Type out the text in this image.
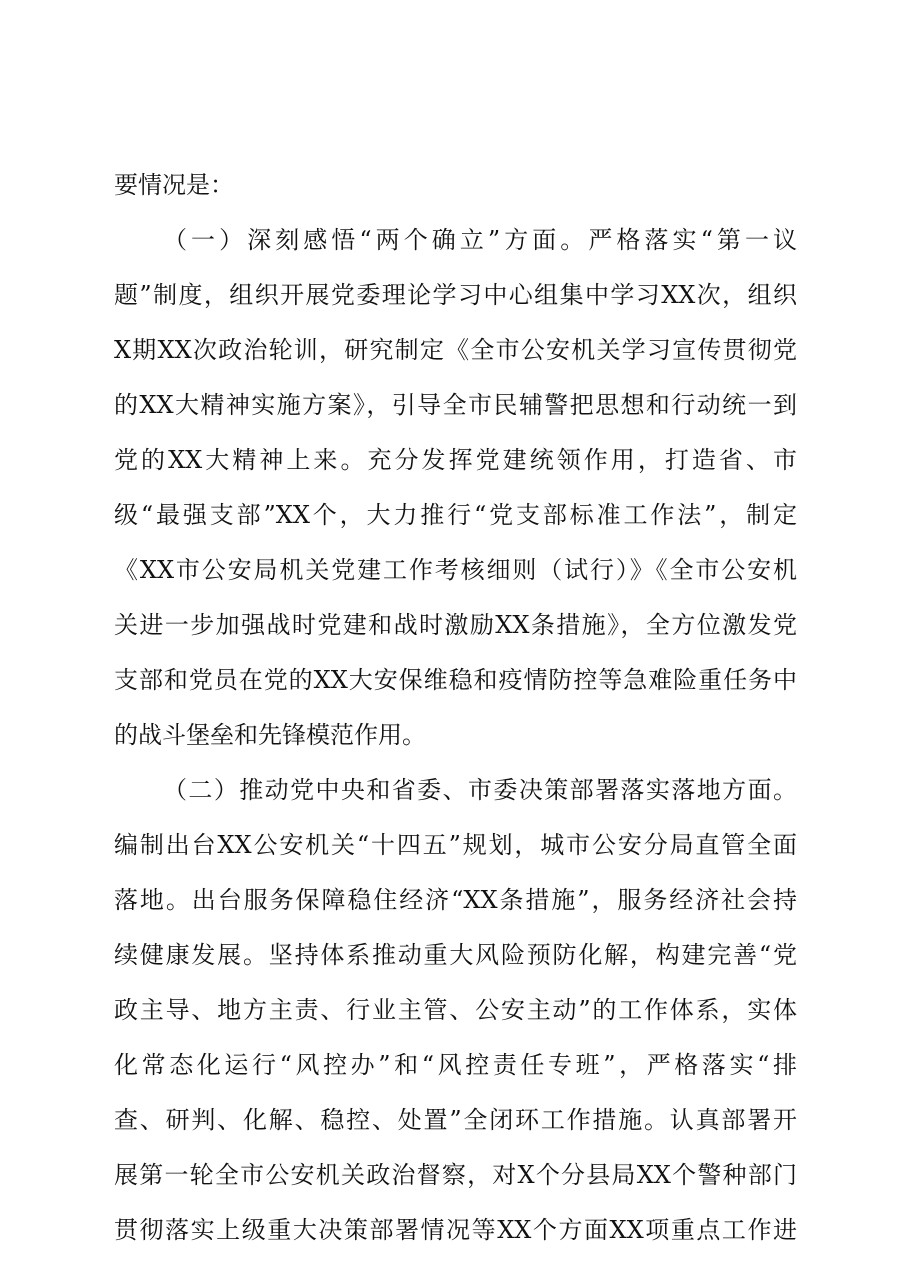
要情况是：
（一）深刻感悟“两个确立”方面。严格落实“第一议
题”制度，组织开展党委理论学习中心组集中学习XX次，组织
X期XX次政治轮训，研究制定《全市公安机关学习宣传贯彻党
的XX大精神实施方案》，引导全市民辅警把思想和行动统一到
党的XX大精神上来。充分发挥党建统领作用，打造省、市
级“最强支部”XX个，大力推行“党支部标准工作法”，制定
《XX市公安局机关党建工作考核细则（试行）》《全市公安机
关进一步加强战时党建和战时激励XX条措施》，全方位激发党
支部和党员在党的XX大安保维稳和疫情防控等急难险重任务中
的战斗堡垒和先锋模范作用。
（二）推动党中央和省委、市委决策部署落实落地方面。
编制出台XX公安机关“十四五”规划，城市公安分局直管全面
落地。出台服务保障稳住经济“XX条措施”，服务经济社会持
续健康发展。坚持体系推动重大风险预防化解，构建完善“党
政主导、地方主责、行业主管、公安主动”的工作体系，实体
化常态化运行“风控办”和“风控责任专班”，严格落实“排
查、研判、化解、稳控、处置”全闭环工作措施。认真部署开
展第一轮全市公安机关政治督察，对X个分县局XX个警种部门
贯彻落实上级重大决策部署情况等XX个方面XX项重点工作进
